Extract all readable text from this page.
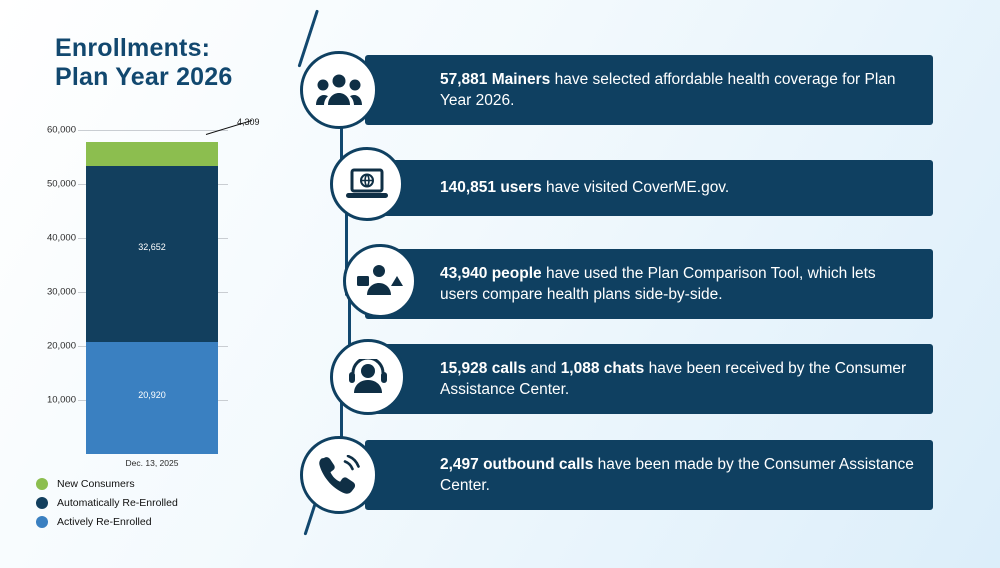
Enrollments:
Plan Year 2026
32,652
20,920
4,309
60,000
50,000
40,000
30,000
20,000
10,000
Dec. 13, 2025
New Consumers
Automatically Re-Enrolled
Actively Re-Enrolled
57,881 Mainers have selected affordable health coverage for Plan Year 2026.
140,851 users have visited CoverME.gov.
43,940 people have used the Plan Comparison Tool, which lets users compare health plans side-by-side.
15,928 calls and 1,088 chats have been received by the Consumer Assistance Center.
2,497 outbound calls have been made by the Consumer Assistance Center.
